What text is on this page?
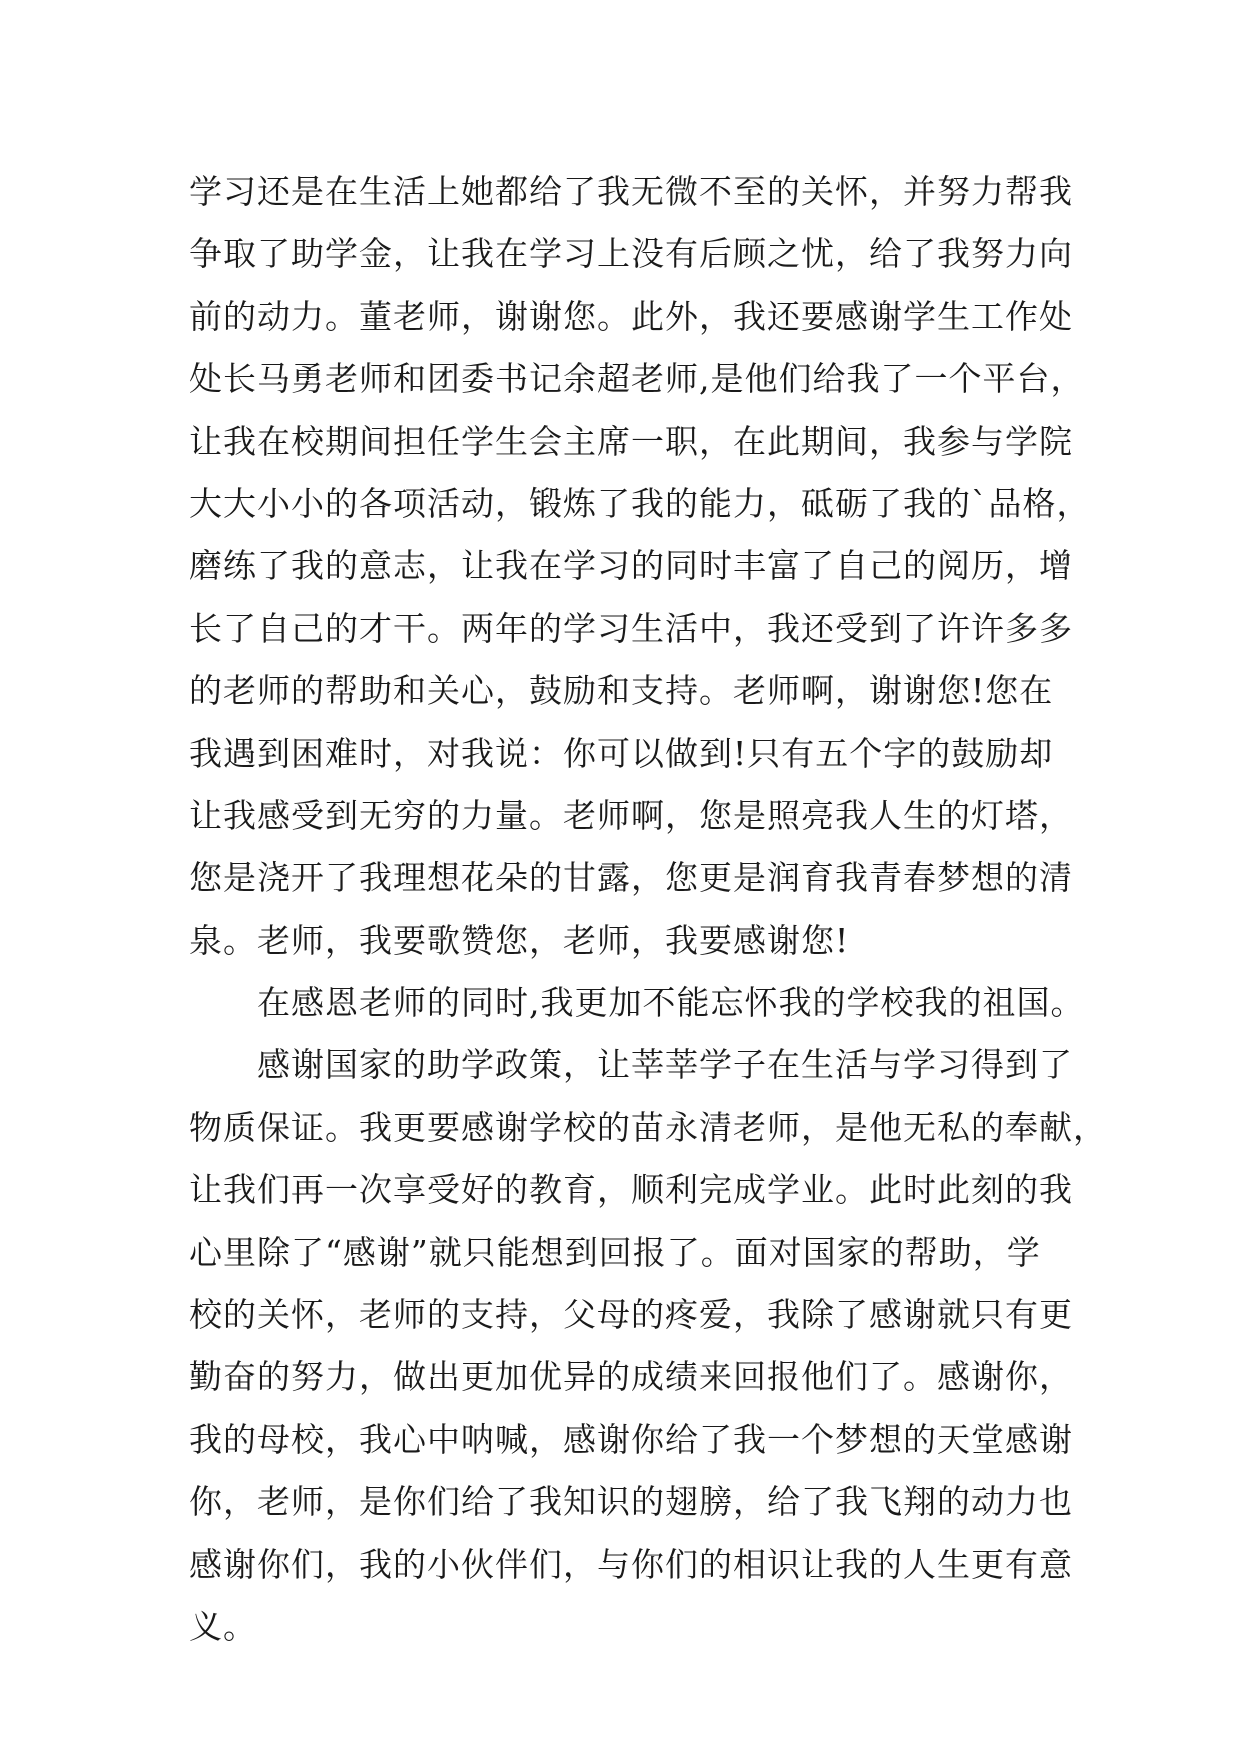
学习还是在生活上她都给了我无微不至的关怀，并努力帮我
争取了助学金，让我在学习上没有后顾之忧，给了我努力向
前的动力。董老师，谢谢您。此外，我还要感谢学生工作处
处长马勇老师和团委书记余超老师,是他们给我了一个平台，
让我在校期间担任学生会主席一职，在此期间，我参与学院
大大小小的各项活动，锻炼了我的能力，砥砺了我的`品格，
磨练了我的意志，让我在学习的同时丰富了自己的阅历，增
长了自己的才干。两年的学习生活中，我还受到了许许多多
的老师的帮助和关心，鼓励和支持。老师啊，谢谢您!您在
我遇到困难时，对我说：你可以做到!只有五个字的鼓励却
让我感受到无穷的力量。老师啊，您是照亮我人生的灯塔，
您是浇开了我理想花朵的甘露，您更是润育我青春梦想的清
泉。老师，我要歌赞您，老师，我要感谢您!
在感恩老师的同时,我更加不能忘怀我的学校我的祖国。
感谢国家的助学政策，让莘莘学子在生活与学习得到了
物质保证。我更要感谢学校的苗永清老师，是他无私的奉献，
让我们再一次享受好的教育，顺利完成学业。此时此刻的我
心里除了“感谢”就只能想到回报了。面对国家的帮助，学
校的关怀，老师的支持，父母的疼爱，我除了感谢就只有更
勤奋的努力，做出更加优异的成绩来回报他们了。感谢你，
我的母校，我心中呐喊，感谢你给了我一个梦想的天堂感谢
你，老师，是你们给了我知识的翅膀，给了我飞翔的动力也
感谢你们，我的小伙伴们，与你们的相识让我的人生更有意
义。
